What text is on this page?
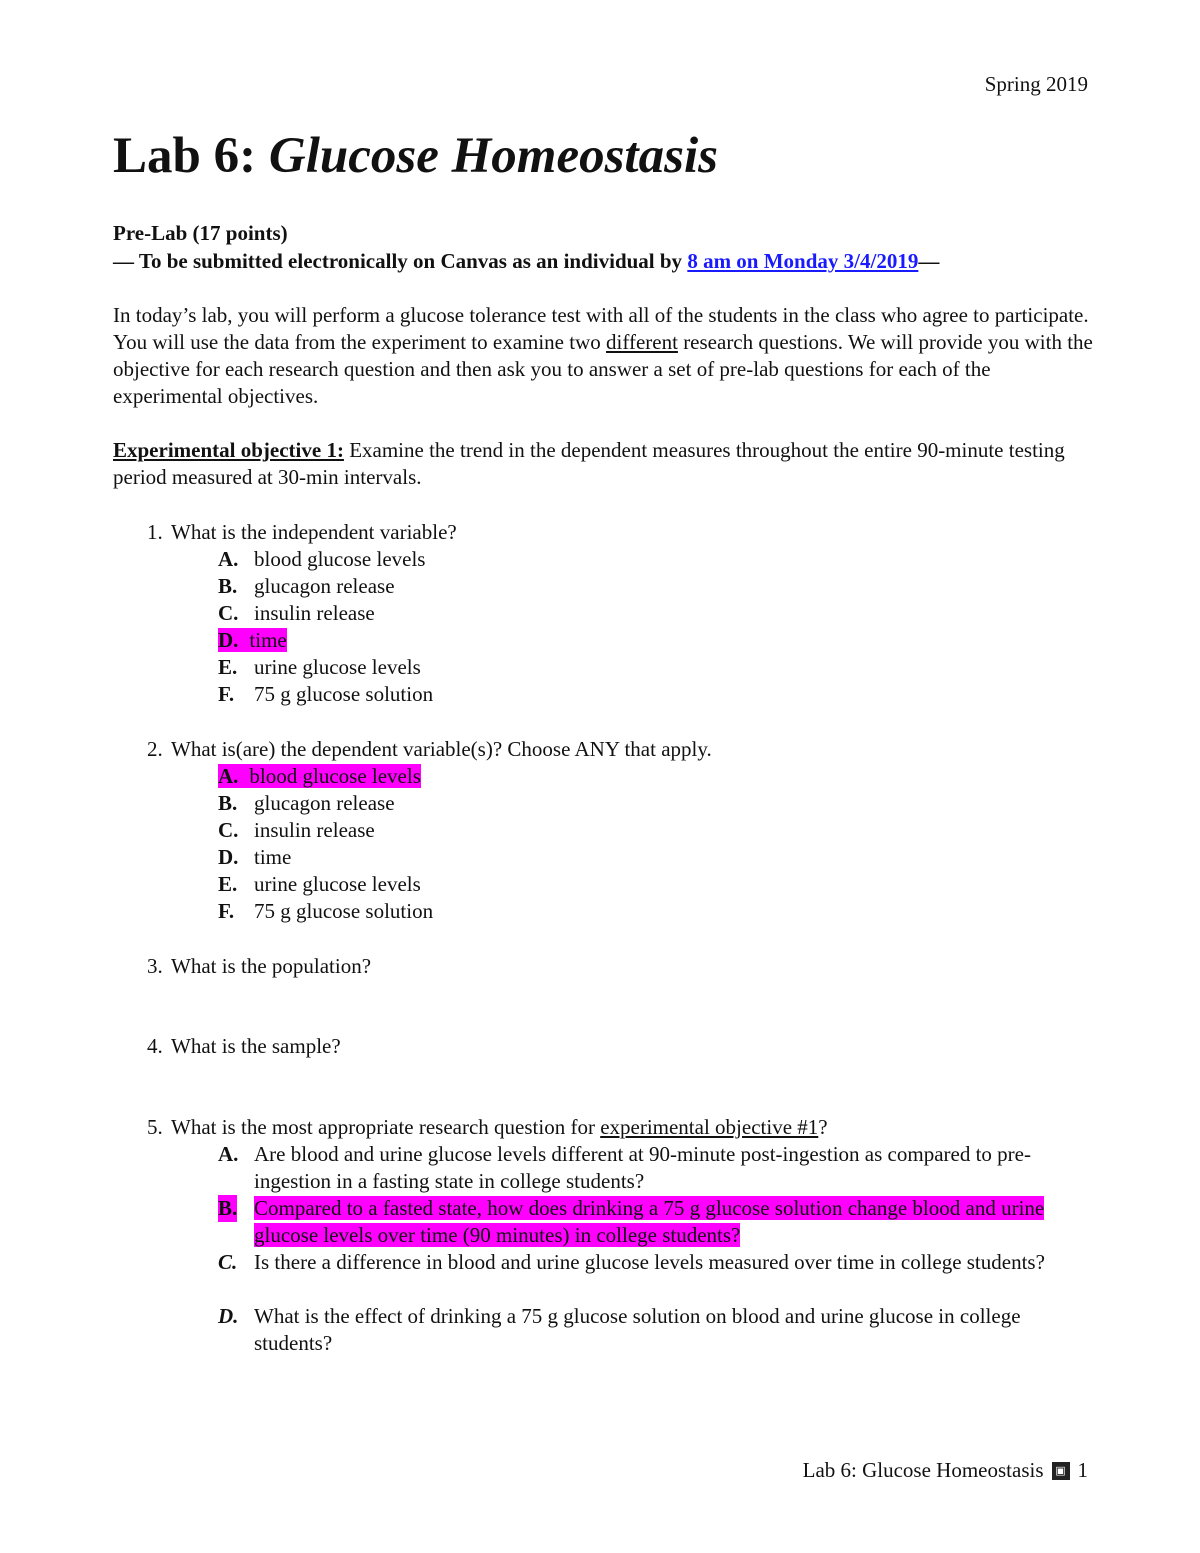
Spring 2019
Lab 6: Glucose Homeostasis
Pre-Lab (17 points)
–– To be submitted electronically on Canvas as an individual by 8 am on Monday 3/4/2019––
In today’s lab, you will perform a glucose tolerance test with all of the students in the class who agree to participate. You will use the data from the experiment to examine two different research questions. We will provide you with the objective for each research question and then ask you to answer a set of pre-lab questions for each of the experimental objectives.
Experimental objective 1: Examine the trend in the dependent measures throughout the entire 90-minute testing period measured at 30-min intervals.
1. What is the independent variable?
A. blood glucose levels
B. glucagon release
C. insulin release
D. time
E. urine glucose levels
F. 75 g glucose solution
2. What is(are) the dependent variable(s)? Choose ANY that apply.
A. blood glucose levels
B. glucagon release
C. insulin release
D. time
E. urine glucose levels
F. 75 g glucose solution
3. What is the population?
4. What is the sample?
5. What is the most appropriate research question for experimental objective #1?
A. Are blood and urine glucose levels different at 90-minute post-ingestion as compared to pre-ingestion in a fasting state in college students?
B. Compared to a fasted state, how does drinking a 75 g glucose solution change blood and urine glucose levels over time (90 minutes) in college students?
C. Is there a difference in blood and urine glucose levels measured over time in college students?
D. What is the effect of drinking a 75 g glucose solution on blood and urine glucose in college students?
Lab 6: Glucose Homeostasis	▣ 1
